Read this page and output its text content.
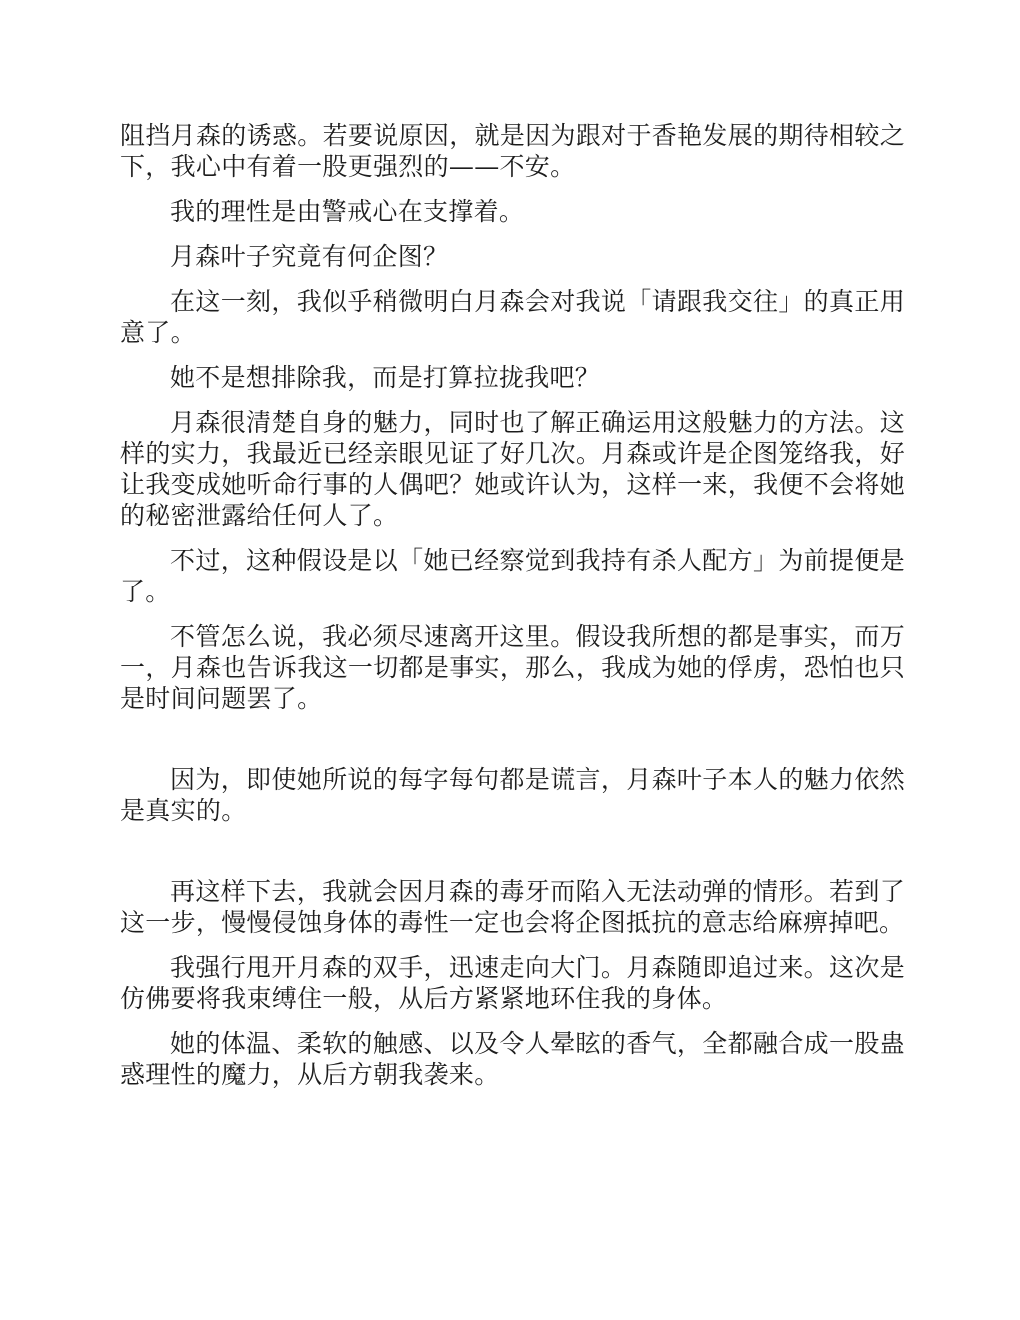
阻挡月森的诱惑。若要说原因，就是因为跟对于香艳发展的期待相较之下，我心中有着一股更强烈的——不安。

我的理性是由警戒心在支撑着。

月森叶子究竟有何企图？

在这一刻，我似乎稍微明白月森会对我说「请跟我交往」的真正用意了。

她不是想排除我，而是打算拉拢我吧？

月森很清楚自身的魅力，同时也了解正确运用这般魅力的方法。这样的实力，我最近已经亲眼见证了好几次。月森或许是企图笼络我，好让我变成她听命行事的人偶吧？她或许认为，这样一来，我便不会将她的秘密泄露给任何人了。

不过，这种假设是以「她已经察觉到我持有杀人配方」为前提便是了。

不管怎么说，我必须尽速离开这里。假设我所想的都是事实，而万一，月森也告诉我这一切都是事实，那么，我成为她的俘虏，恐怕也只是时间问题罢了。

因为，即使她所说的每字每句都是谎言，月森叶子本人的魅力依然是真实的。

再这样下去，我就会因月森的毒牙而陷入无法动弹的情形。若到了这一步，慢慢侵蚀身体的毒性一定也会将企图抵抗的意志给麻痹掉吧。

我强行甩开月森的双手，迅速走向大门。月森随即追过来。这次是仿佛要将我束缚住一般，从后方紧紧地环住我的身体。

她的体温、柔软的触感、以及令人晕眩的香气，全都融合成一股蛊惑理性的魔力，从后方朝我袭来。
